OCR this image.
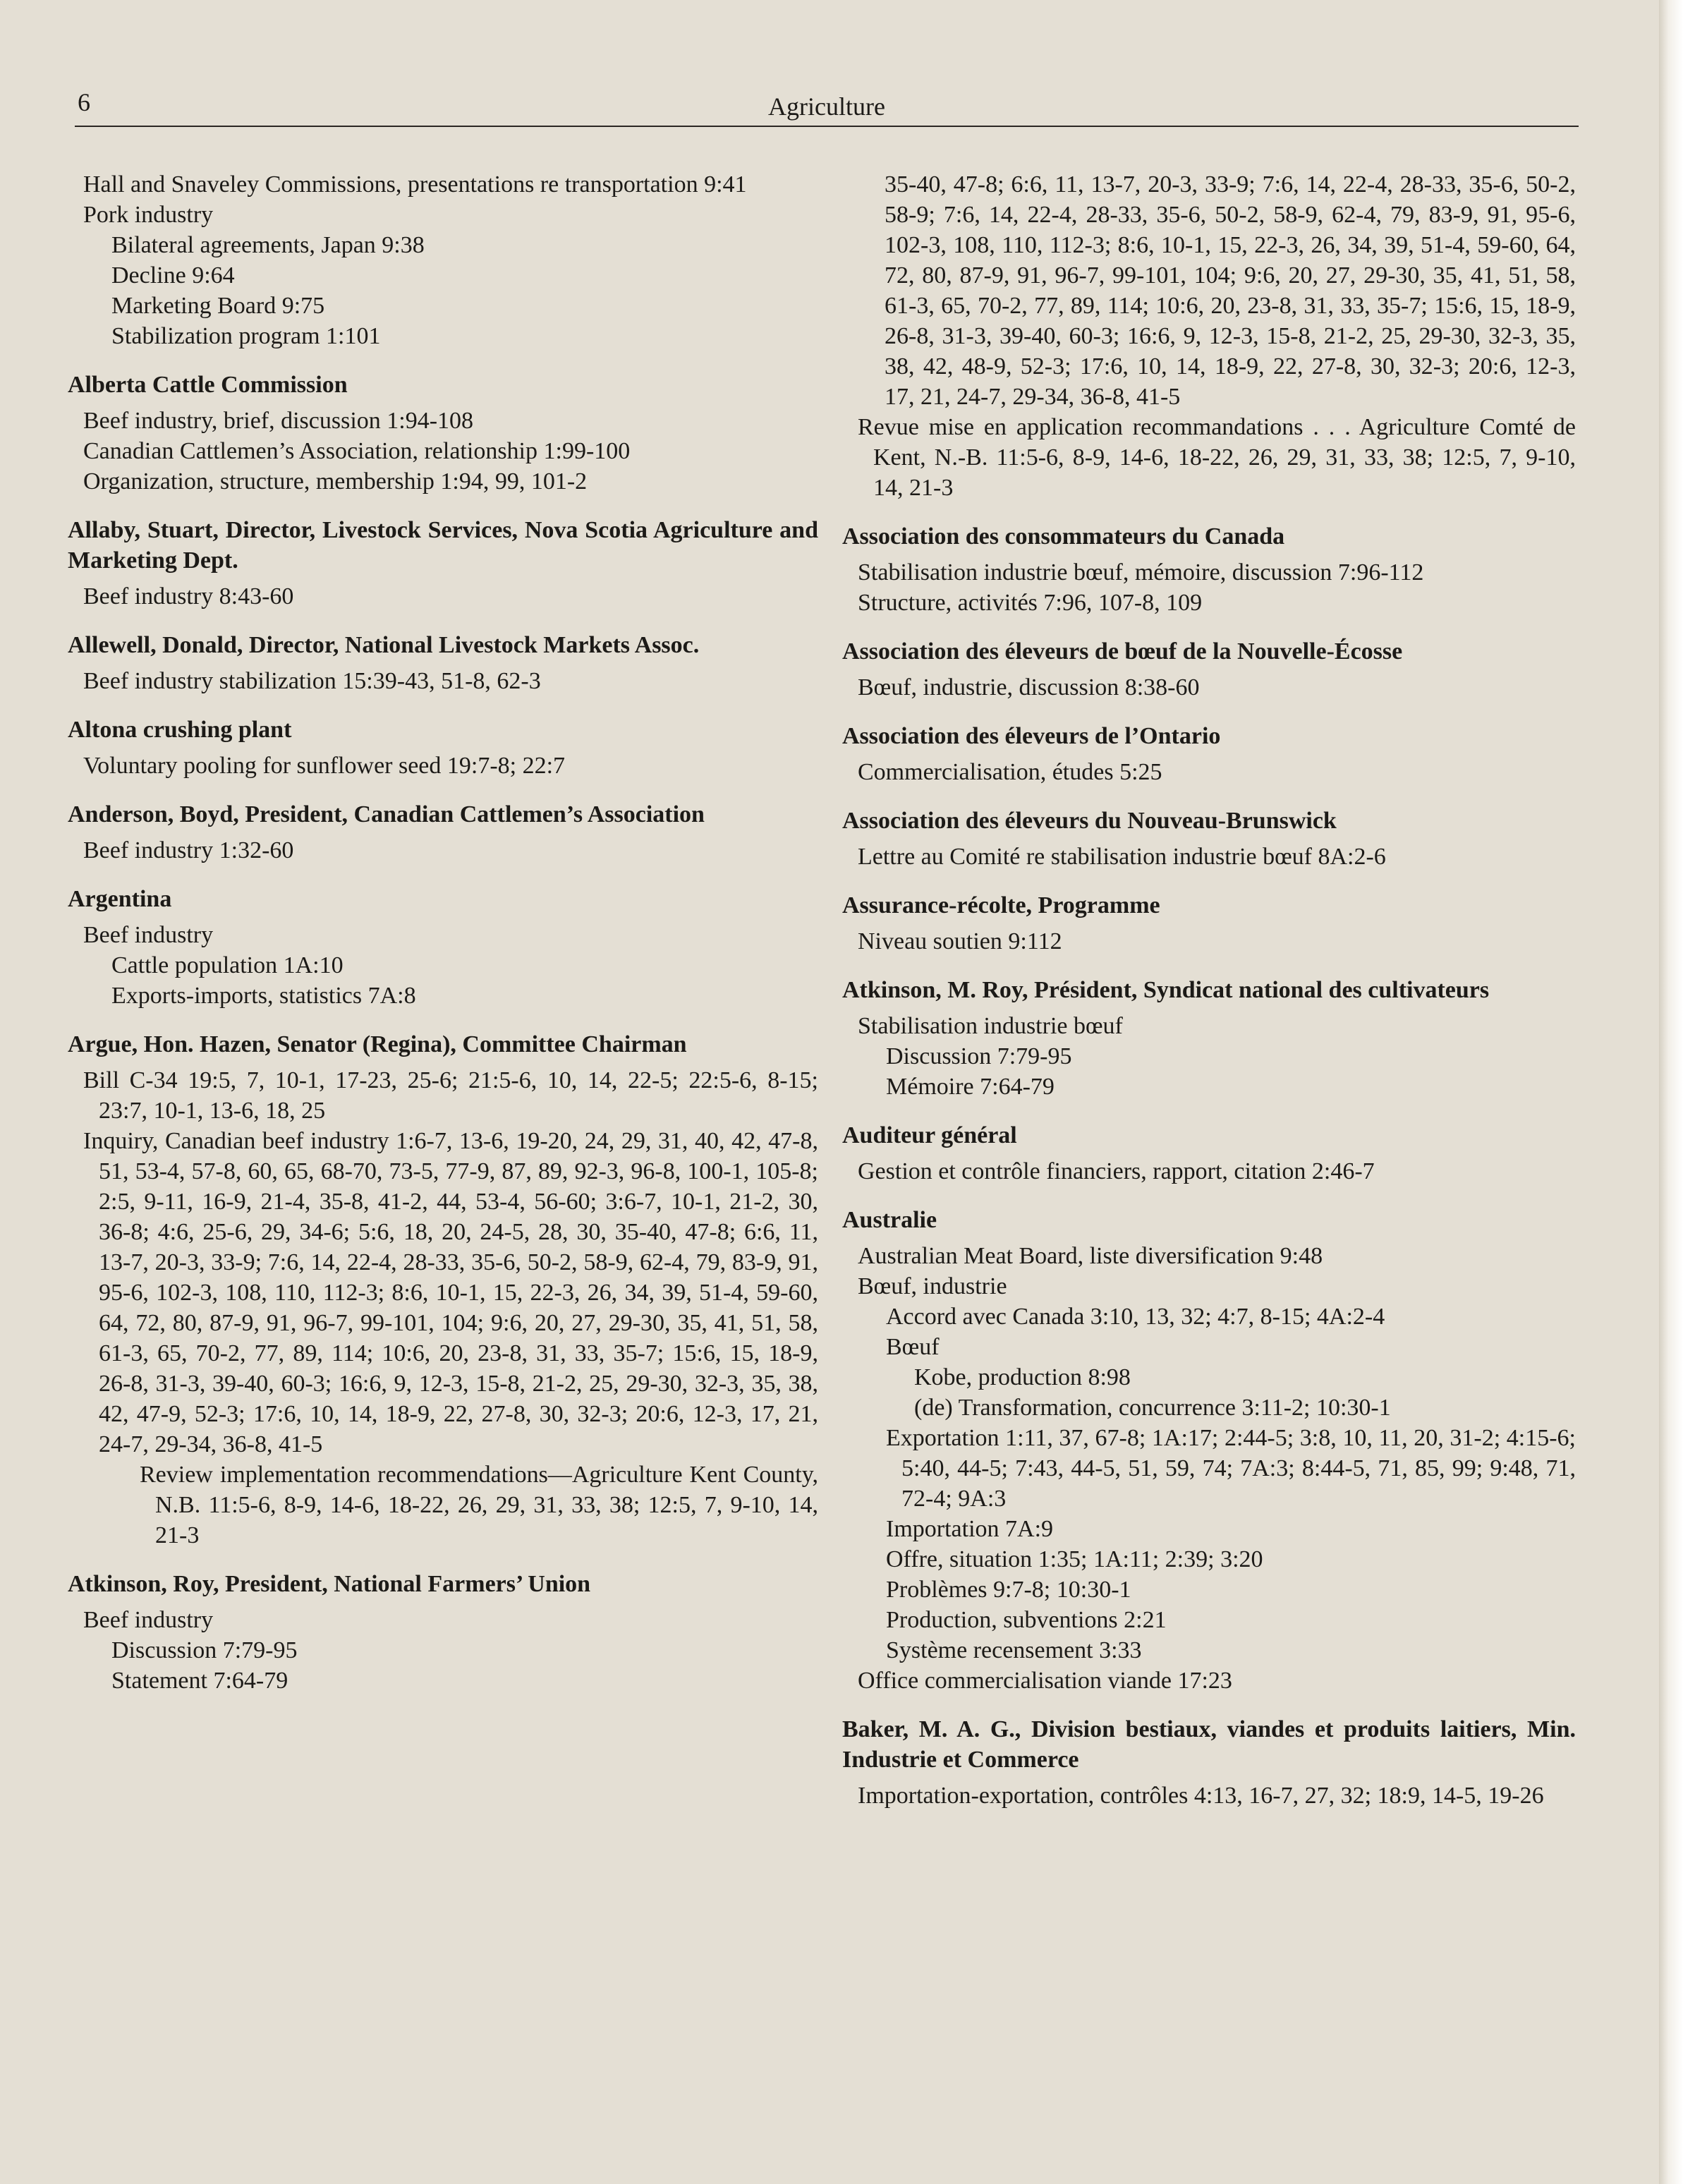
6	Agriculture
Hall and Snaveley Commissions, presentations re transportation 9:41
Pork industry
Bilateral agreements, Japan 9:38
Decline 9:64
Marketing Board 9:75
Stabilization program 1:101
Alberta Cattle Commission
Beef industry, brief, discussion 1:94-108
Canadian Cattlemen’s Association, relationship 1:99-100
Organization, structure, membership 1:94, 99, 101-2
Allaby, Stuart, Director, Livestock Services, Nova Scotia Agriculture and Marketing Dept.
Beef industry 8:43-60
Allewell, Donald, Director, National Livestock Markets Assoc.
Beef industry stabilization 15:39-43, 51-8, 62-3
Altona crushing plant
Voluntary pooling for sunflower seed 19:7-8; 22:7
Anderson, Boyd, President, Canadian Cattlemen’s Association
Beef industry 1:32-60
Argentina
Beef industry
Cattle population 1A:10
Exports-imports, statistics 7A:8
Argue, Hon. Hazen, Senator (Regina), Committee Chairman
Bill C-34 19:5, 7, 10-1, 17-23, 25-6; 21:5-6, 10, 14, 22-5; 22:5-6, 8-15; 23:7, 10-1, 13-6, 18, 25
Inquiry, Canadian beef industry 1:6-7, 13-6, 19-20, 24, 29, 31, 40, 42, 47-8, 51, 53-4, 57-8, 60, 65, 68-70, 73-5, 77-9, 87, 89, 92-3, 96-8, 100-1, 105-8; 2:5, 9-11, 16-9, 21-4, 35-8, 41-2, 44, 53-4, 56-60; 3:6-7, 10-1, 21-2, 30, 36-8; 4:6, 25-6, 29, 34-6; 5:6, 18, 20, 24-5, 28, 30, 35-40, 47-8; 6:6, 11, 13-7, 20-3, 33-9; 7:6, 14, 22-4, 28-33, 35-6, 50-2, 58-9, 62-4, 79, 83-9, 91, 95-6, 102-3, 108, 110, 112-3; 8:6, 10-1, 15, 22-3, 26, 34, 39, 51-4, 59-60, 64, 72, 80, 87-9, 91, 96-7, 99-101, 104; 9:6, 20, 27, 29-30, 35, 41, 51, 58, 61-3, 65, 70-2, 77, 89, 114; 10:6, 20, 23-8, 31, 33, 35-7; 15:6, 15, 18-9, 26-8, 31-3, 39-40, 60-3; 16:6, 9, 12-3, 15-8, 21-2, 25, 29-30, 32-3, 35, 38, 42, 47-9, 52-3; 17:6, 10, 14, 18-9, 22, 27-8, 30, 32-3; 20:6, 12-3, 17, 21, 24-7, 29-34, 36-8, 41-5
Review implementation recommendations—Agriculture Kent County, N.B. 11:5-6, 8-9, 14-6, 18-22, 26, 29, 31, 33, 38; 12:5, 7, 9-10, 14, 21-3
Atkinson, Roy, President, National Farmers’ Union
Beef industry
Discussion 7:79-95
Statement 7:64-79
35-40, 47-8; 6:6, 11, 13-7, 20-3, 33-9; 7:6, 14, 22-4, 28-33, 35-6, 50-2, 58-9; 7:6, 14, 22-4, 28-33, 35-6, 50-2, 58-9, 62-4, 79, 83-9, 91, 95-6, 102-3, 108, 110, 112-3; 8:6, 10-1, 15, 22-3, 26, 34, 39, 51-4, 59-60, 64, 72, 80, 87-9, 91, 96-7, 99-101, 104; 9:6, 20, 27, 29-30, 35, 41, 51, 58, 61-3, 65, 70-2, 77, 89, 114; 10:6, 20, 23-8, 31, 33, 35-7; 15:6, 15, 18-9, 26-8, 31-3, 39-40, 60-3; 16:6, 9, 12-3, 15-8, 21-2, 25, 29-30, 32-3, 35, 38, 42, 48-9, 52-3; 17:6, 10, 14, 18-9, 22, 27-8, 30, 32-3; 20:6, 12-3, 17, 21, 24-7, 29-34, 36-8, 41-5
Revue mise en application recommandations . . . Agriculture Comté de Kent, N.-B. 11:5-6, 8-9, 14-6, 18-22, 26, 29, 31, 33, 38; 12:5, 7, 9-10, 14, 21-3
Association des consommateurs du Canada
Stabilisation industrie bœuf, mémoire, discussion 7:96-112
Structure, activités 7:96, 107-8, 109
Association des éleveurs de bœuf de la Nouvelle-Écosse
Bœuf, industrie, discussion 8:38-60
Association des éleveurs de l’Ontario
Commercialisation, études 5:25
Association des éleveurs du Nouveau-Brunswick
Lettre au Comité re stabilisation industrie bœuf 8A:2-6
Assurance-récolte, Programme
Niveau soutien 9:112
Atkinson, M. Roy, Président, Syndicat national des cultivateurs
Stabilisation industrie bœuf
Discussion 7:79-95
Mémoire 7:64-79
Auditeur général
Gestion et contrôle financiers, rapport, citation 2:46-7
Australie
Australian Meat Board, liste diversification 9:48
Bœuf, industrie
Accord avec Canada 3:10, 13, 32; 4:7, 8-15; 4A:2-4
Bœuf
Kobe, production 8:98
(de) Transformation, concurrence 3:11-2; 10:30-1
Exportation 1:11, 37, 67-8; 1A:17; 2:44-5; 3:8, 10, 11, 20, 31-2; 4:15-6; 5:40, 44-5; 7:43, 44-5, 51, 59, 74; 7A:3; 8:44-5, 71, 85, 99; 9:48, 71, 72-4; 9A:3
Importation 7A:9
Offre, situation 1:35; 1A:11; 2:39; 3:20
Problèmes 9:7-8; 10:30-1
Production, subventions 2:21
Système recensement 3:33
Office commercialisation viande 17:23
Baker, M. A. G., Division bestiaux, viandes et produits laitiers, Min. Industrie et Commerce
Importation-exportation, contrôles 4:13, 16-7, 27, 32; 18:9, 14-5, 19-26
